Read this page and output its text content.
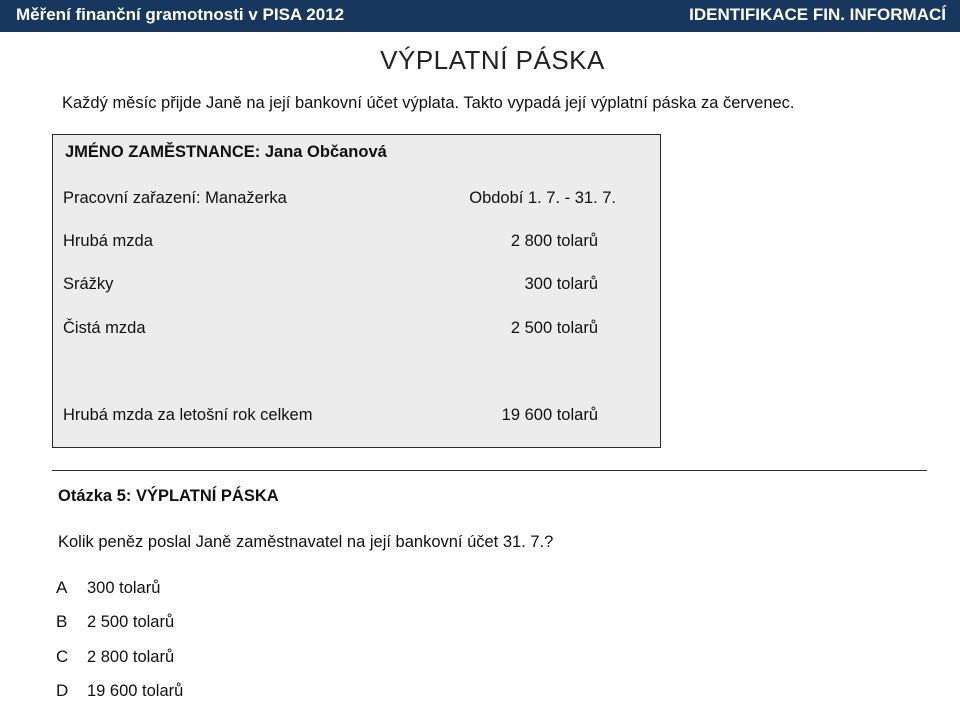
Měření finanční gramotnosti v PISA 2012	IDENTIFIKACE FIN. INFORMACÍ
VÝPLATNÍ PÁSKA
Každý měsíc přijde Janě na její bankovní účet výplata. Takto vypadá její výplatní páska za červenec.
JMÉNO ZAMĚSTNANCE: Jana Občanová
Pracovní zařazení: Manažerka	Období 1. 7. - 31. 7.
Hrubá mzda	2 800 tolarů
Srážky	300 tolarů
Čistá mzda	2 500 tolarů
Hrubá mzda za letošní rok celkem	19 600 tolarů
Otázka 5: VÝPLATNÍ PÁSKA
Kolik peněz poslal Janě zaměstnavatel na její bankovní účet 31. 7.?
A 300 tolarů
B 2 500 tolarů
C 2 800 tolarů
D 19 600 tolarů
